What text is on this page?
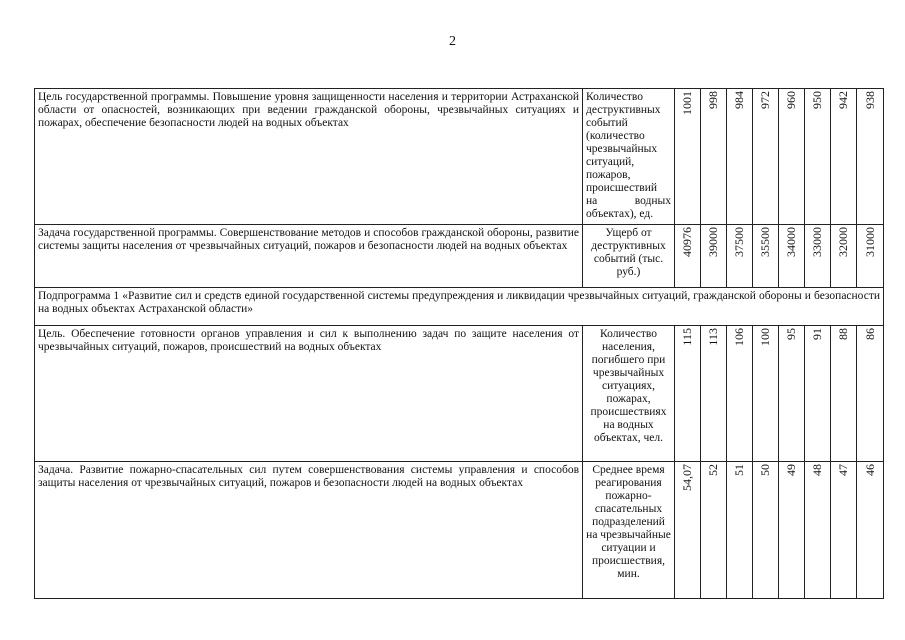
2
Цель государственной программы. Повышение уровня защищенности населения и территории Астраханской области от опасностей, возникающих при ведении гражданской обороны, чрезвычайных ситуациях и пожарах, обеспечение безопасности людей на водных объектах	Количество деструктивных событий (количество чрезвычайных ситуаций, пожаров, происшествий на водных объектах), ед.	1001	998	984	972	960	950	942	938

Задача государственной программы. Совершенствование методов и способов гражданской обороны, развитие системы защиты населения от чрезвычайных ситуаций, пожаров и безопасности людей на водных объектах	Ущерб от деструктивных событий (тыс. руб.)	40976	39000	37500	35500	34000	33000	32000	31000

Подпрограмма 1 «Развитие сил и средств единой государственной системы предупреждения и ликвидации чрезвычайных ситуаций, гражданской обороны и безопасности на водных объектах Астраханской области»									
Цель. Обеспечение готовности органов управления и сил к выполнению задач по защите населения от чрезвычайных ситуаций, пожаров, происшествий на водных объектах	Количество населения, погибшего при чрезвычайных ситуациях, пожарах, происшествиях на водных объектах, чел.	115	113	106	100	95	91	88	86

Задача. Развитие пожарно-спасательных сил путем совершенствования системы управления и способов защиты населения от чрезвычайных ситуаций, пожаров и безопасности людей на водных объектах	Среднее время реагирования пожарно-спасательных подразделений на чрезвычайные ситуации и происшествия, мин.	54,07	52	51	50	49	48	47	46
